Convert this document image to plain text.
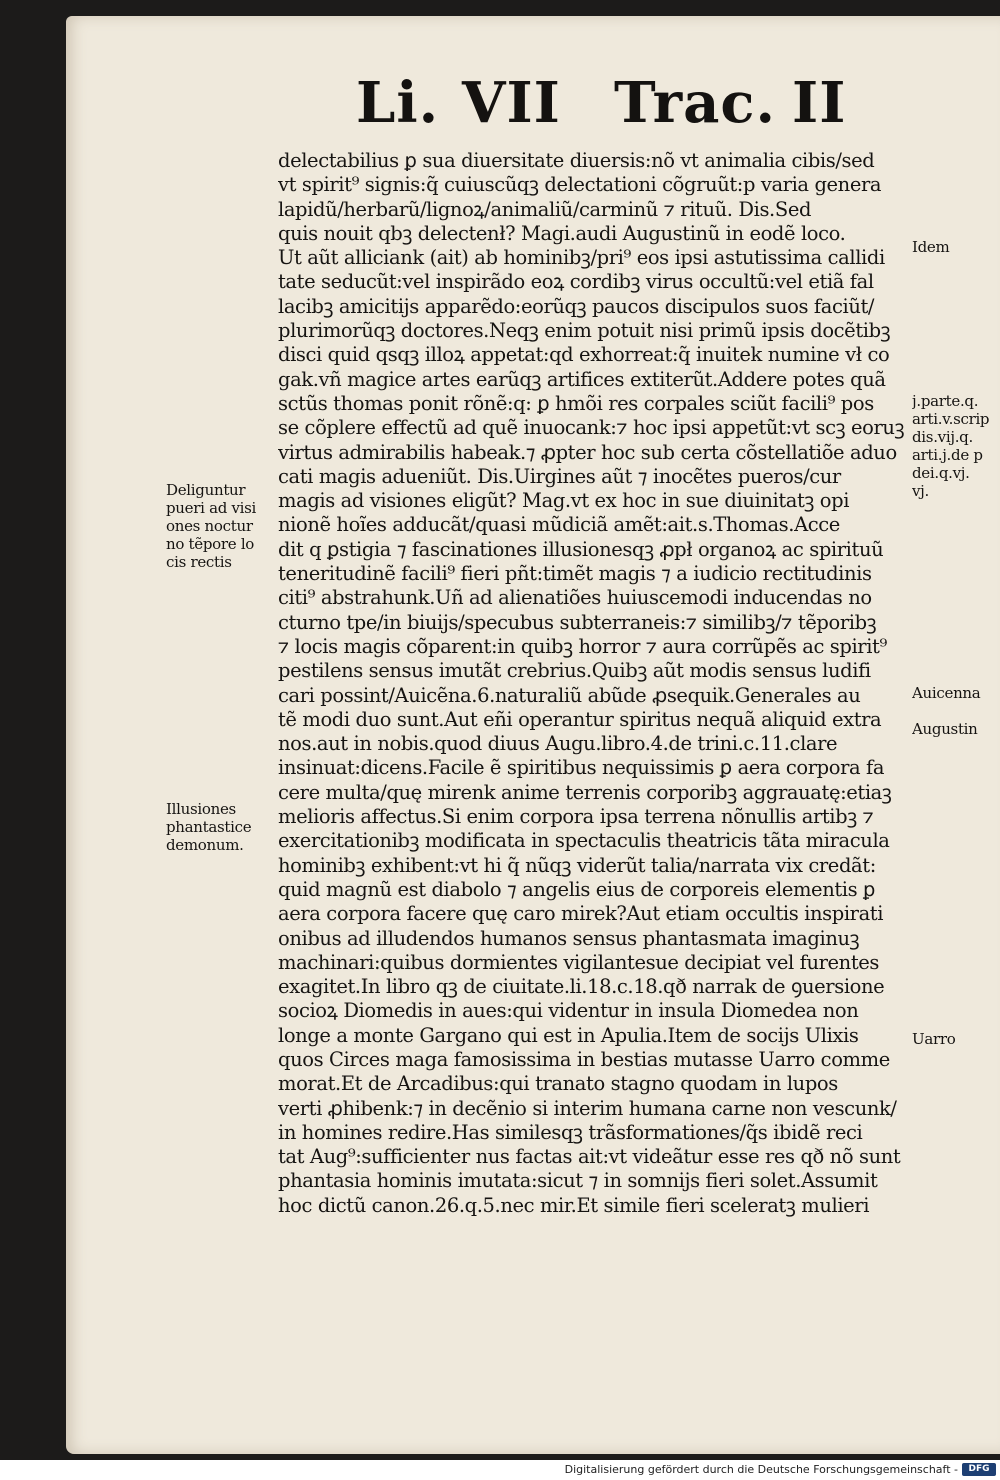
Li. VII Trac. II
delectabilius ꝑ sua diuersitate diuersis:nõ vt animalia cibis/sed
vt spirit⁹ signis:q̃ cuiuscũqꝫ delectationi cõgruũt:p varia genera
lapidũ/herbarũ/lignoꝝ/animaliũ/carminũ ⁊ rituũ. Dis.Sed
quis nouit qbꝫ delectenł? Magi.audi Augustinũ in eodẽ loco.
Ut aũt alliciank (ait) ab hominibꝫ/pri⁹ eos ipsi astutissima callidi
tate seducũt:vel inspirãdo eoꝝ cordibꝫ virus occultũ:vel etiã fal
lacibꝫ amicitijs apparẽdo:eorũqꝫ paucos discipulos suos faciũt/
plurimorũqꝫ doctores.Neqꝫ enim potuit nisi primũ ipsis docẽtibꝫ
disci quid qsqꝫ illoꝝ appetat:qd exhorreat:q̃ inuitek numine vł co
gak.vñ magice artes earũqꝫ artifices extiterũt.Addere potes quã
sctũs thomas ponit rõnẽ:q: ꝑ hmõi res corpales sciũt facili⁹ pos
se cõplere effectũ ad quẽ inuocank:⁊ hoc ipsi appetũt:vt scꝫ eoruꝫ
virtus admirabilis habeak.⁊ ꝓpter hoc sub certa cõstellatiõe aduo
cati magis adueniũt. Dis.Uirgines aũt ⁊ inocẽtes pueros/cur
magis ad visiones eligũt? Mag.vt ex hoc in sue diuinitatꝫ opi
nionẽ hoĩes adducãt/quasi mũdiciã amẽt:ait.s.Thomas.Acce
dit q ꝑstigia ⁊ fascinationes illusionesqꝫ ꝓpł organoꝝ ac spirituũ
teneritudinẽ facili⁹ fieri pñt:timẽt magis ⁊ a iudicio rectitudinis
citi⁹ abstrahunk.Uñ ad alienatiões huiuscemodi inducendas no
cturno tpe/in biuijs/specubus subterraneis:⁊ similibꝫ/⁊ tẽporibꝫ
⁊ locis magis cõparent:in quibꝫ horror ⁊ aura corrũpẽs ac spirit⁹
pestilens sensus imutãt crebrius.Quibꝫ aũt modis sensus ludifi
cari possint/Auicẽna.6.naturaliũ abũde ꝓsequik.Generales au
tẽ modi duo sunt.Aut eñi operantur spiritus nequã aliquid extra
nos.aut in nobis.quod diuus Augu.libro.4.de trini.c.11.clare
insinuat:dicens.Facile ẽ spiritibus nequissimis ꝑ aera corpora fa
cere multa/quę mirenk anime terrenis corporibꝫ aggrauatę:etiaꝫ
melioris affectus.Si enim corpora ipsa terrena nõnullis artibꝫ ⁊
exercitationibꝫ modificata in spectaculis theatricis tãta miracula
hominibꝫ exhibent:vt hi q̃ nũqꝫ viderũt talia/narrata vix credãt:
quid magnũ est diabolo ⁊ angelis eius de corporeis elementis ꝑ
aera corpora facere quę caro mirek?Aut etiam occultis inspirati
onibus ad illudendos humanos sensus phantasmata imaginuꝫ
machinari:quibus dormientes vigilantesue decipiat vel furentes
exagitet.In libro qꝫ de ciuitate.li.18.c.18.qð narrak de ꝯuersione
socioꝝ Diomedis in aues:qui videntur in insula Diomedea non
longe a monte Gargano qui est in Apulia.Item de socijs Ulixis
quos Circes maga famosissima in bestias mutasse Uarro comme
morat.Et de Arcadibus:qui tranato stagno quodam in lupos
verti ꝓhibenk:⁊ in decẽnio si interim humana carne non vescunk/
in homines redire.Has similesqꝫ trãsformationes/q̃s ibidẽ reci
tat Aug⁹:sufficienter nus factas ait:vt videãtur esse res qð nõ sunt
phantasia hominis imutata:sicut ⁊ in somnijs fieri solet.Assumit
hoc dictũ canon.26.q.5.nec mir.Et simile fieri sceleratꝫ mulieri
Deliguntur
pueri ad visi
ones noctur
no tẽpore lo
cis rectis
Illusiones
phantastice
demonum.
Idem
j.parte.q.
arti.v.scrip
dis.vij.q.
arti.j.de p
dei.q.vj.
vj.
Auicenna
Augustin
Uarro
Digitalisierung gefördert durch die Deutsche Forschungsgemeinschaft -	DFG
